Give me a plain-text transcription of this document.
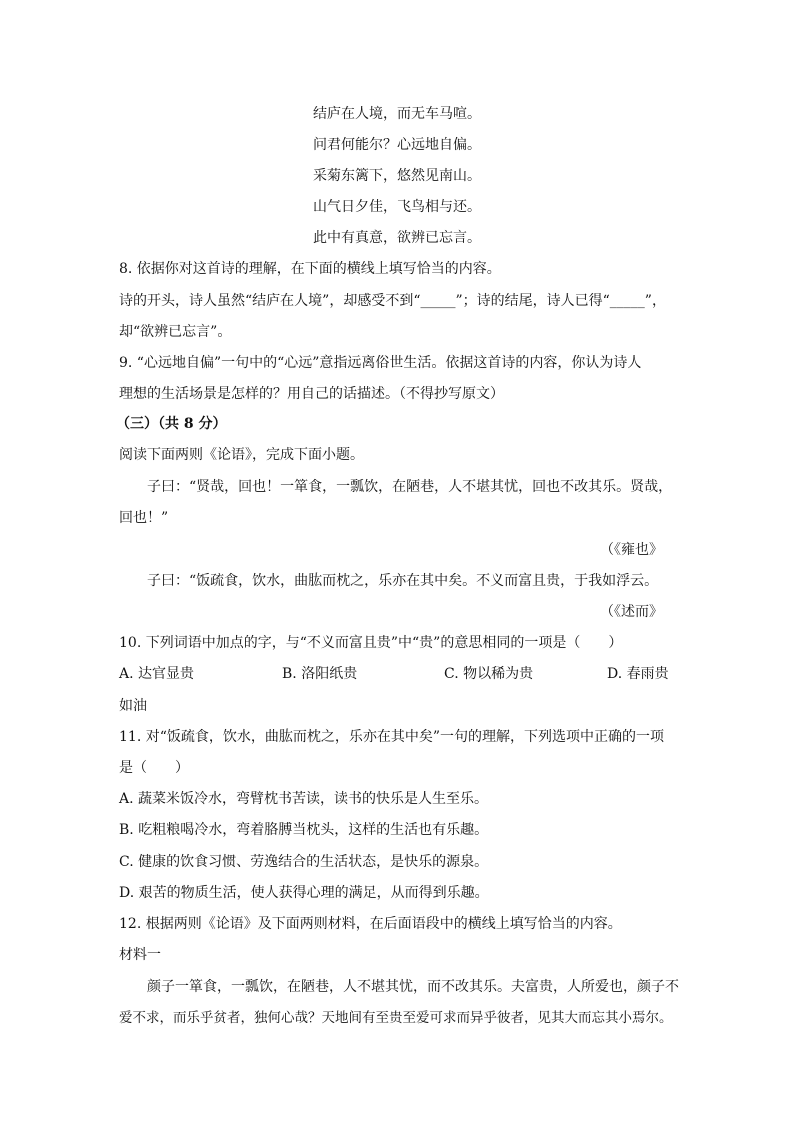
结庐在人境，而无车马喧。
问君何能尔？心远地自偏。
采菊东篱下，悠然见南山。
山气日夕佳，飞鸟相与还。
此中有真意，欲辨已忘言。
8. 依据你对这首诗的理解，在下面的横线上填写恰当的内容。
诗的开头，诗人虽然“结庐在人境”，却感受不到“_____”；诗的结尾，诗人已得“_____”，
却“欲辨已忘言”。
9. “心远地自偏”一句中的“心远”意指远离俗世生活。依据这首诗的内容，你认为诗人
理想的生活场景是怎样的？用自己的话描述。（不得抄写原文）
（三）（共 8 分）
阅读下面两则《论语》，完成下面小题。
子曰：“贤哉，回也！一箪食，一瓢饮，在陋巷，人不堪其忧，回也不改其乐。贤哉，
回也！”
（《雍也》
子曰：“饭疏食，饮水，曲肱而枕之，乐亦在其中矣。不义而富且贵，于我如浮云。
（《述而》
10. 下列词语中加点的字，与“不义而富且贵”中“贵”的意思相同的一项是（　　）
A. 达官显贵	B. 洛阳纸贵	C. 物以稀为贵	D. 春雨贵
如油
11. 对“饭疏食，饮水，曲肱而枕之，乐亦在其中矣”一句的理解，下列选项中正确的一项
是（　　）
A. 蔬菜米饭冷水，弯臂枕书苦读，读书的快乐是人生至乐。
B. 吃粗粮喝冷水，弯着胳膊当枕头，这样的生活也有乐趣。
C. 健康的饮食习惯、劳逸结合的生活状态，是快乐的源泉。
D. 艰苦的物质生活，使人获得心理的满足，从而得到乐趣。
12. 根据两则《论语》及下面两则材料，在后面语段中的横线上填写恰当的内容。
材料一
颜子一箪食，一瓢饮，在陋巷，人不堪其忧，而不改其乐。夫富贵，人所爱也，颜子不
爱不求，而乐乎贫者，独何心哉？天地间有至贵至爱可求而异乎彼者，见其大而忘其小焉尔。
